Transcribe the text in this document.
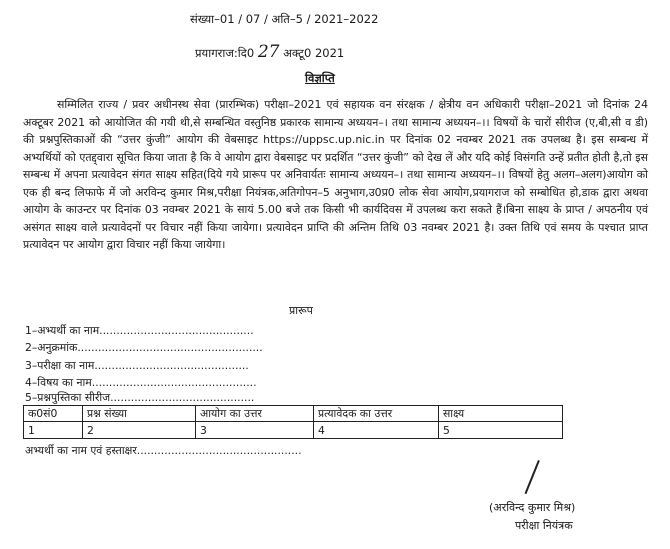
संख्या–01 / 07 / अति–5 / 2021–2022
प्रयागराज:दि0 27 अक्टू0 2021
विज्ञप्ति
सम्मिलित राज्य / प्रवर अधीनस्थ सेवा (प्रारम्भिक) परीक्षा–2021 एवं सहायक वन संरक्षक / क्षेत्रीय वन अधिकारी परीक्षा–2021 जो दिनांक 24 अक्टूबर 2021 को आयोजित की गयी थी,से सम्बन्धित वस्तुनिष्ठ प्रकारक सामान्य अध्ययन–। तथा सामान्य अध्ययन–।। विषयों के चारों सीरीज (ए,बी,सी व डी) की प्रश्नपुस्तिकाओं की “उत्तर कुंजी” आयोग की वेबसाइट https://uppsc.up.nic.in पर दिनांक 02 नवम्बर 2021 तक उपलब्ध है। इस सम्बन्ध में अभ्यर्थियों को एतद्द्वारा सूचित किया जाता है कि वे आयोग द्वारा वेबसाइट पर प्रदर्शित “उत्तर कुंजी” को देख लें और यदि कोई विसंगति उन्हें प्रतीत होती है,तो इस सम्बन्ध में अपना प्रत्यावेदन संगत साक्ष्य सहित(दिये गये प्रारूप पर अनिवार्यतः सामान्य अध्ययन–। तथा सामान्य अध्ययन–।। विषयों हेतु अलग–अलग)आयोग को एक ही बन्द लिफाफे में जो अरविन्द कुमार मिश्र,परीक्षा नियंत्रक,अतिगोपन–5 अनुभाग,उ0प्र0 लोक सेवा आयोग,प्रयागराज को सम्बोधित हो,डाक द्वारा अथवा आयोग के काउन्टर पर दिनांक 03 नवम्बर 2021 के सायं 5.00 बजे तक किसी भी कार्यदिवस में उपलब्ध करा सकते हैं।बिना साक्ष्य के प्राप्त / अपठनीय एवं असंगत साक्ष्य वाले प्रत्यावेदनों पर विचार नहीं किया जायेगा। प्रत्यावेदन प्राप्ति की अन्तिम तिथि 03 नवम्बर 2021 है। उक्त तिथि एवं समय के पश्चात प्राप्त प्रत्यावेदन पर आयोग द्वारा विचार नहीं किया जायेगा।
प्रारूप
1–अभ्यर्थी का नाम.............................................
2–अनुक्रमांक......................................................
3–परीक्षा का नाम.............................................
4–विषय का नाम................................................
5–प्रश्नपुस्तिका सीरीज..........................................
क0सं0	प्रश्न संख्या	आयोग का उत्तर	प्रत्यावेदक का उत्तर	साक्ष्य
1	2	3	4	5
अभ्यर्थी का नाम एवं हस्ताक्षर................................................
(अरविन्द कुमार मिश्र)
परीक्षा नियंत्रक
